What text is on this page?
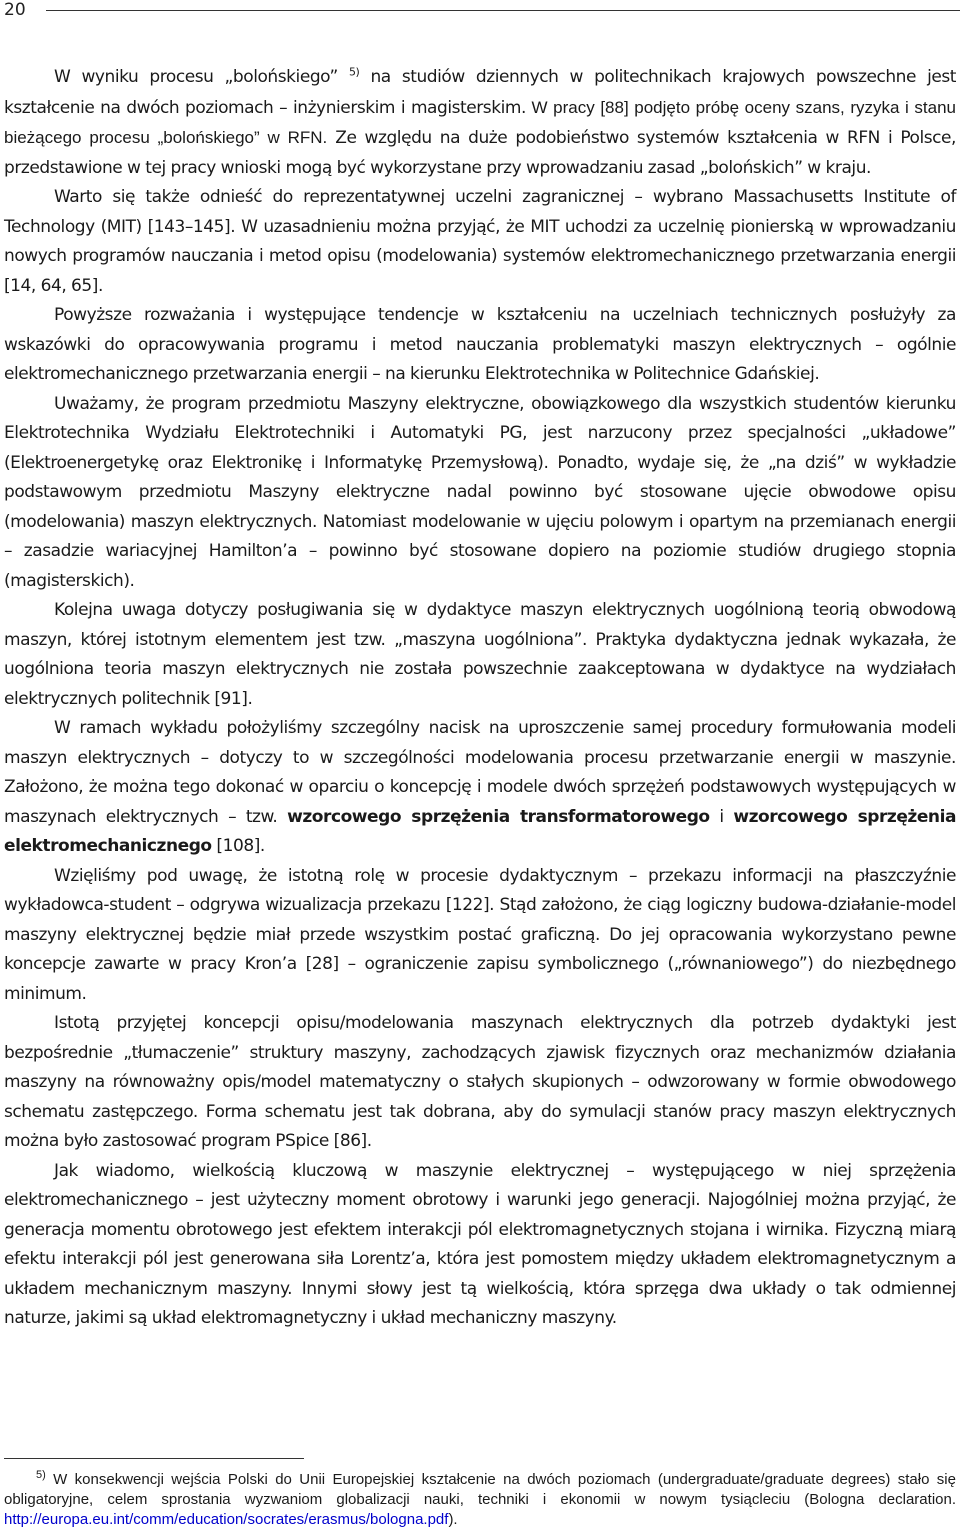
20

W wyniku procesu „bolońskiego” $^{5)}$ na studiów dziennych w politechnikach krajowych powszechne jest kształcenie na dwóch poziomach – inżynierskim i magisterskim. W pracy [88] podjęto próbę oceny szans, ryzyka i stanu bieżącego procesu „bolońskiego” w RFN. Ze względu na duże podobieństwo systemów kształcenia w RFN i Polsce, przedstawione w tej pracy wnioski mogą być wykorzystane przy wprowadzaniu zasad „bolońskich” w kraju.

Warto się także odnieść do reprezentatywnej uczelni zagranicznej – wybrano Massachusetts Institute of Technology (MIT) [143–145]. W uzasadnieniu można przyjąć, że MIT uchodzi za uczelnię pionierską w wprowadzaniu nowych programów nauczania i metod opisu (modelowania) systemów elektromechanicznego przetwarzania energii [14, 64, 65].

Powyższe rozważania i występujące tendencje w kształceniu na uczelniach technicznych posłużyły za wskazówki do opracowywania programu i metod nauczania problematyki maszyn elektrycznych – ogólnie elektromechanicznego przetwarzania energii – na kierunku Elektrotechnika w Politechnice Gdańskiej.

Uważamy, że program przedmiotu Maszyny elektryczne, obowiązkowego dla wszystkich studentów kierunku Elektrotechnika Wydziału Elektrotechniki i Automatyki PG, jest narzucony przez specjalności „układowe” (Elektroenergetykę oraz Elektronikę i Informatykę Przemysłową). Ponadto, wydaje się, że „na dziś” w wykładzie podstawowym przedmiotu Maszyny elektryczne nadal powinno być stosowane ujęcie obwodowe opisu (modelowania) maszyn elektrycznych. Natomiast modelowanie w ujęciu polowym i opartym na przemianach energii – zasadzie wariacyjnej Hamilton’a – powinno być stosowane dopiero na poziomie studiów drugiego stopnia (magisterskich).

Kolejna uwaga dotyczy posługiwania się w dydaktyce maszyn elektrycznych uogólnioną teorią obwodową maszyn, której istotnym elementem jest tzw. „maszyna uogólniona”. Praktyka dydaktyczna jednak wykazała, że uogólniona teoria maszyn elektrycznych nie została powszechnie zaakceptowana w dydaktyce na wydziałach elektrycznych politechnik [91].

W ramach wykładu położyliśmy szczególny nacisk na uproszczenie samej procedury formułowania modeli maszyn elektrycznych – dotyczy to w szczególności modelowania procesu przetwarzanie energii w maszynie. Założono, że można tego dokonać w oparciu o koncepcję i modele dwóch sprzężeń podstawowych występujących w maszynach elektrycznych – tzw. wzorcowego sprzężenia transformatorowego i wzorcowego sprzężenia elektromechanicznego [108].

Wzięliśmy pod uwagę, że istotną rolę w procesie dydaktycznym – przekazu informacji na płaszczyźnie wykładowca-student – odgrywa wizualizacja przekazu [122]. Stąd założono, że ciąg logiczny budowa-działanie-model maszyny elektrycznej będzie miał przede wszystkim postać graficzną. Do jej opracowania wykorzystano pewne koncepcje zawarte w pracy Kron’a [28] – ograniczenie zapisu symbolicznego („równaniowego”) do niezbędnego minimum.

Istotą przyjętej koncepcji opisu/modelowania maszynach elektrycznych dla potrzeb dydaktyki jest bezpośrednie „tłumaczenie” struktury maszyny, zachodzących zjawisk fizycznych oraz mechanizmów działania maszyny na równoważny opis/model matematyczny o stałych skupionych – odwzorowany w formie obwodowego schematu zastępczego. Forma schematu jest tak dobrana, aby do symulacji stanów pracy maszyn elektrycznych można było zastosować program PSpice [86].

Jak wiadomo, wielkością kluczową w maszynie elektrycznej – występującego w niej sprzężenia elektromechanicznego – jest użyteczny moment obrotowy i warunki jego generacji. Najogólniej można przyjąć, że generacja momentu obrotowego jest efektem interakcji pól elektromagnetycznych stojana i wirnika. Fizyczną miarą efektu interakcji pól jest generowana siła Lorentz’a, która jest pomostem między układem elektromagnetycznym a układem mechanicznym maszyny. Innymi słowy jest tą wielkością, która sprzęga dwa układy o tak odmiennej naturze, jakimi są układ elektromagnetyczny i układ mechaniczny maszyny.

$^{5)}$ W konsekwencji wejścia Polski do Unii Europejskiej kształcenie na dwóch poziomach (undergraduate/graduate degrees) stało się obligatoryjne, celem sprostania wyzwaniom globalizacji nauki, techniki i ekonomii w nowym tysiącleciu (Bologna declaration. http://europa.eu.int/comm/education/socrates/erasmus/bologna.pdf).
